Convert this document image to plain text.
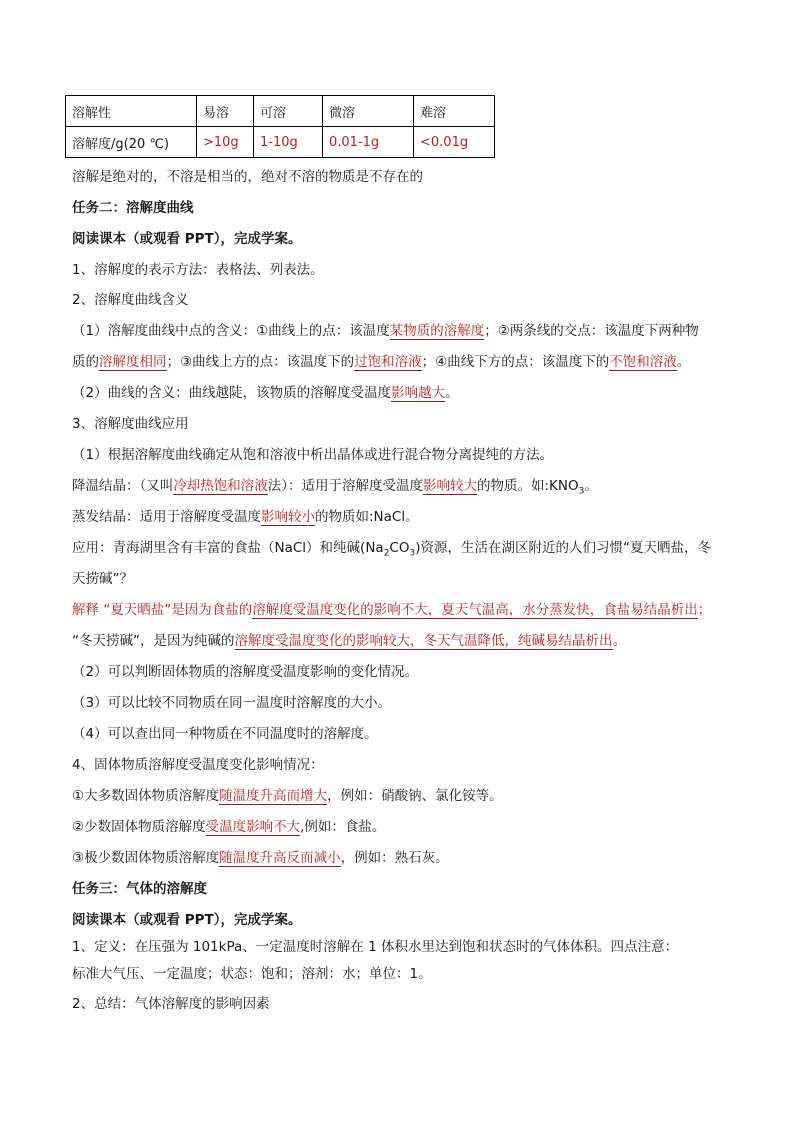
溶解性	易溶	可溶	微溶	难溶
溶解度/g(20 ℃)	>10g	1-10g	0.01-1g	<0.01g
溶解是绝对的，不溶是相当的，绝对不溶的物质是不存在的
任务二：溶解度曲线
阅读课本（或观看 PPT），完成学案。
1、溶解度的表示方法：表格法、列表法。
2、溶解度曲线含义
（1）溶解度曲线中点的含义：①曲线上的点：该温度某物质的溶解度；②两条线的交点：该温度下两种物
质的溶解度相同；③曲线上方的点：该温度下的过饱和溶液；④曲线下方的点：该温度下的不饱和溶液。
（2）曲线的含义：曲线越陡，该物质的溶解度受温度影响越大。
3、溶解度曲线应用
（1）根据溶解度曲线确定从饱和溶液中析出晶体或进行混合物分离提纯的方法。
降温结晶：（又叫冷却热饱和溶液法）：适用于溶解度受温度影响较大的物质。如$:KNO_3$。
蒸发结晶：适用于溶解度受温度影响较小的物质如:NaCl。
应用：青海湖里含有丰富的食盐（NaCl）和纯碱$(Na_2CO_3)$资源，生活在湖区附近的人们习惯“夏天晒盐，冬
天捞碱”？
解释 “夏天晒盐”是因为食盐的溶解度受温度变化的影响不大，夏天气温高，水分蒸发快，食盐易结晶析出；
“冬天捞碱”，是因为纯碱的溶解度受温度变化的影响较大，冬天气温降低，纯碱易结晶析出。
（2）可以判断固体物质的溶解度受温度影响的变化情况。
（3）可以比较不同物质在同一温度时溶解度的大小。
（4）可以查出同一种物质在不同温度时的溶解度。
4、固体物质溶解度受温度变化影响情况：
①大多数固体物质溶解度随温度升高而增大，例如：硝酸钠、氯化铵等。
②少数固体物质溶解度受温度影响不大,例如：食盐。
③极少数固体物质溶解度随温度升高反而减小，例如：熟石灰。
任务三：气体的溶解度
阅读课本（或观看 PPT），完成学案。
1、定义：在压强为 101kPa、一定温度时溶解在 1 体积水里达到饱和状态时的气体体积。四点注意：
标准大气压、一定温度；状态：饱和；溶剂：水；单位：1。
2、总结：气体溶解度的影响因素
